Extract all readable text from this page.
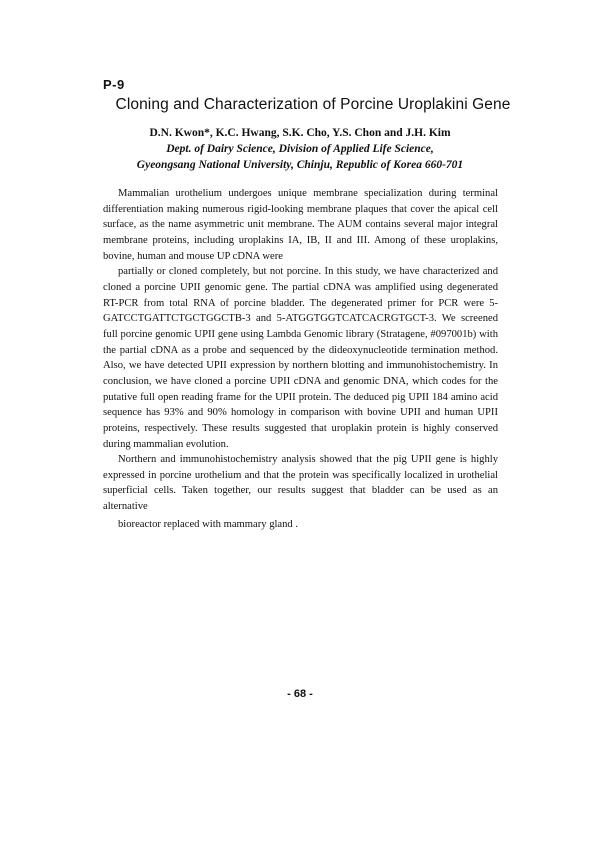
P-9
Cloning and Characterization of Porcine Uroplakini Gene
D.N. Kwon*, K.C. Hwang, S.K. Cho, Y.S. Chon and J.H. Kim
Dept. of Dairy Science, Division of Applied Life Science,
Gyeongsang National University, Chinju, Republic of Korea 660-701

Mammalian urothelium undergoes unique membrane specialization during terminal differentiation making numerous rigid-looking membrane plaques that cover the apical cell surface, as the name asymmetric unit membrane. The AUM contains several major integral membrane proteins, including uroplakins IA, IB, II and III. Among of these uroplakins, bovine, human and mouse UP cDNA were

partially or cloned completely, but not porcine. In this study, we have characterized and cloned a porcine UPII genomic gene. The partial cDNA was amplified using degenerated RT-PCR from total RNA of porcine bladder. The degenerated primer for PCR were 5-GATCCTGATTCTGCTGGCTB-3 and 5-ATGGTGGTCATCACRGTGCT-3. We screened full porcine genomic UPII gene using Lambda Genomic library (Stratagene, #097001b) with the partial cDNA as a probe and sequenced by the dideoxynucleotide termination method. Also, we have detected UPII expression by northern blotting and immunohistochemistry. In conclusion, we have cloned a porcine UPII cDNA and genomic DNA, which codes for the putative full open reading frame for the UPII protein. The deduced pig UPII 184 amino acid sequence has 93% and 90% homology in comparison with bovine UPII and human UPII proteins, respectively. These results suggested that uroplakin protein is highly conserved during mammalian evolution.

Northern and immunohistochemistry analysis showed that the pig UPII gene is highly expressed in porcine urothelium and that the protein was specifically localized in urothelial superficial cells. Taken together, our results suggest that bladder can be used as an alternative

bioreactor replaced with mammary gland .

- 68 -
